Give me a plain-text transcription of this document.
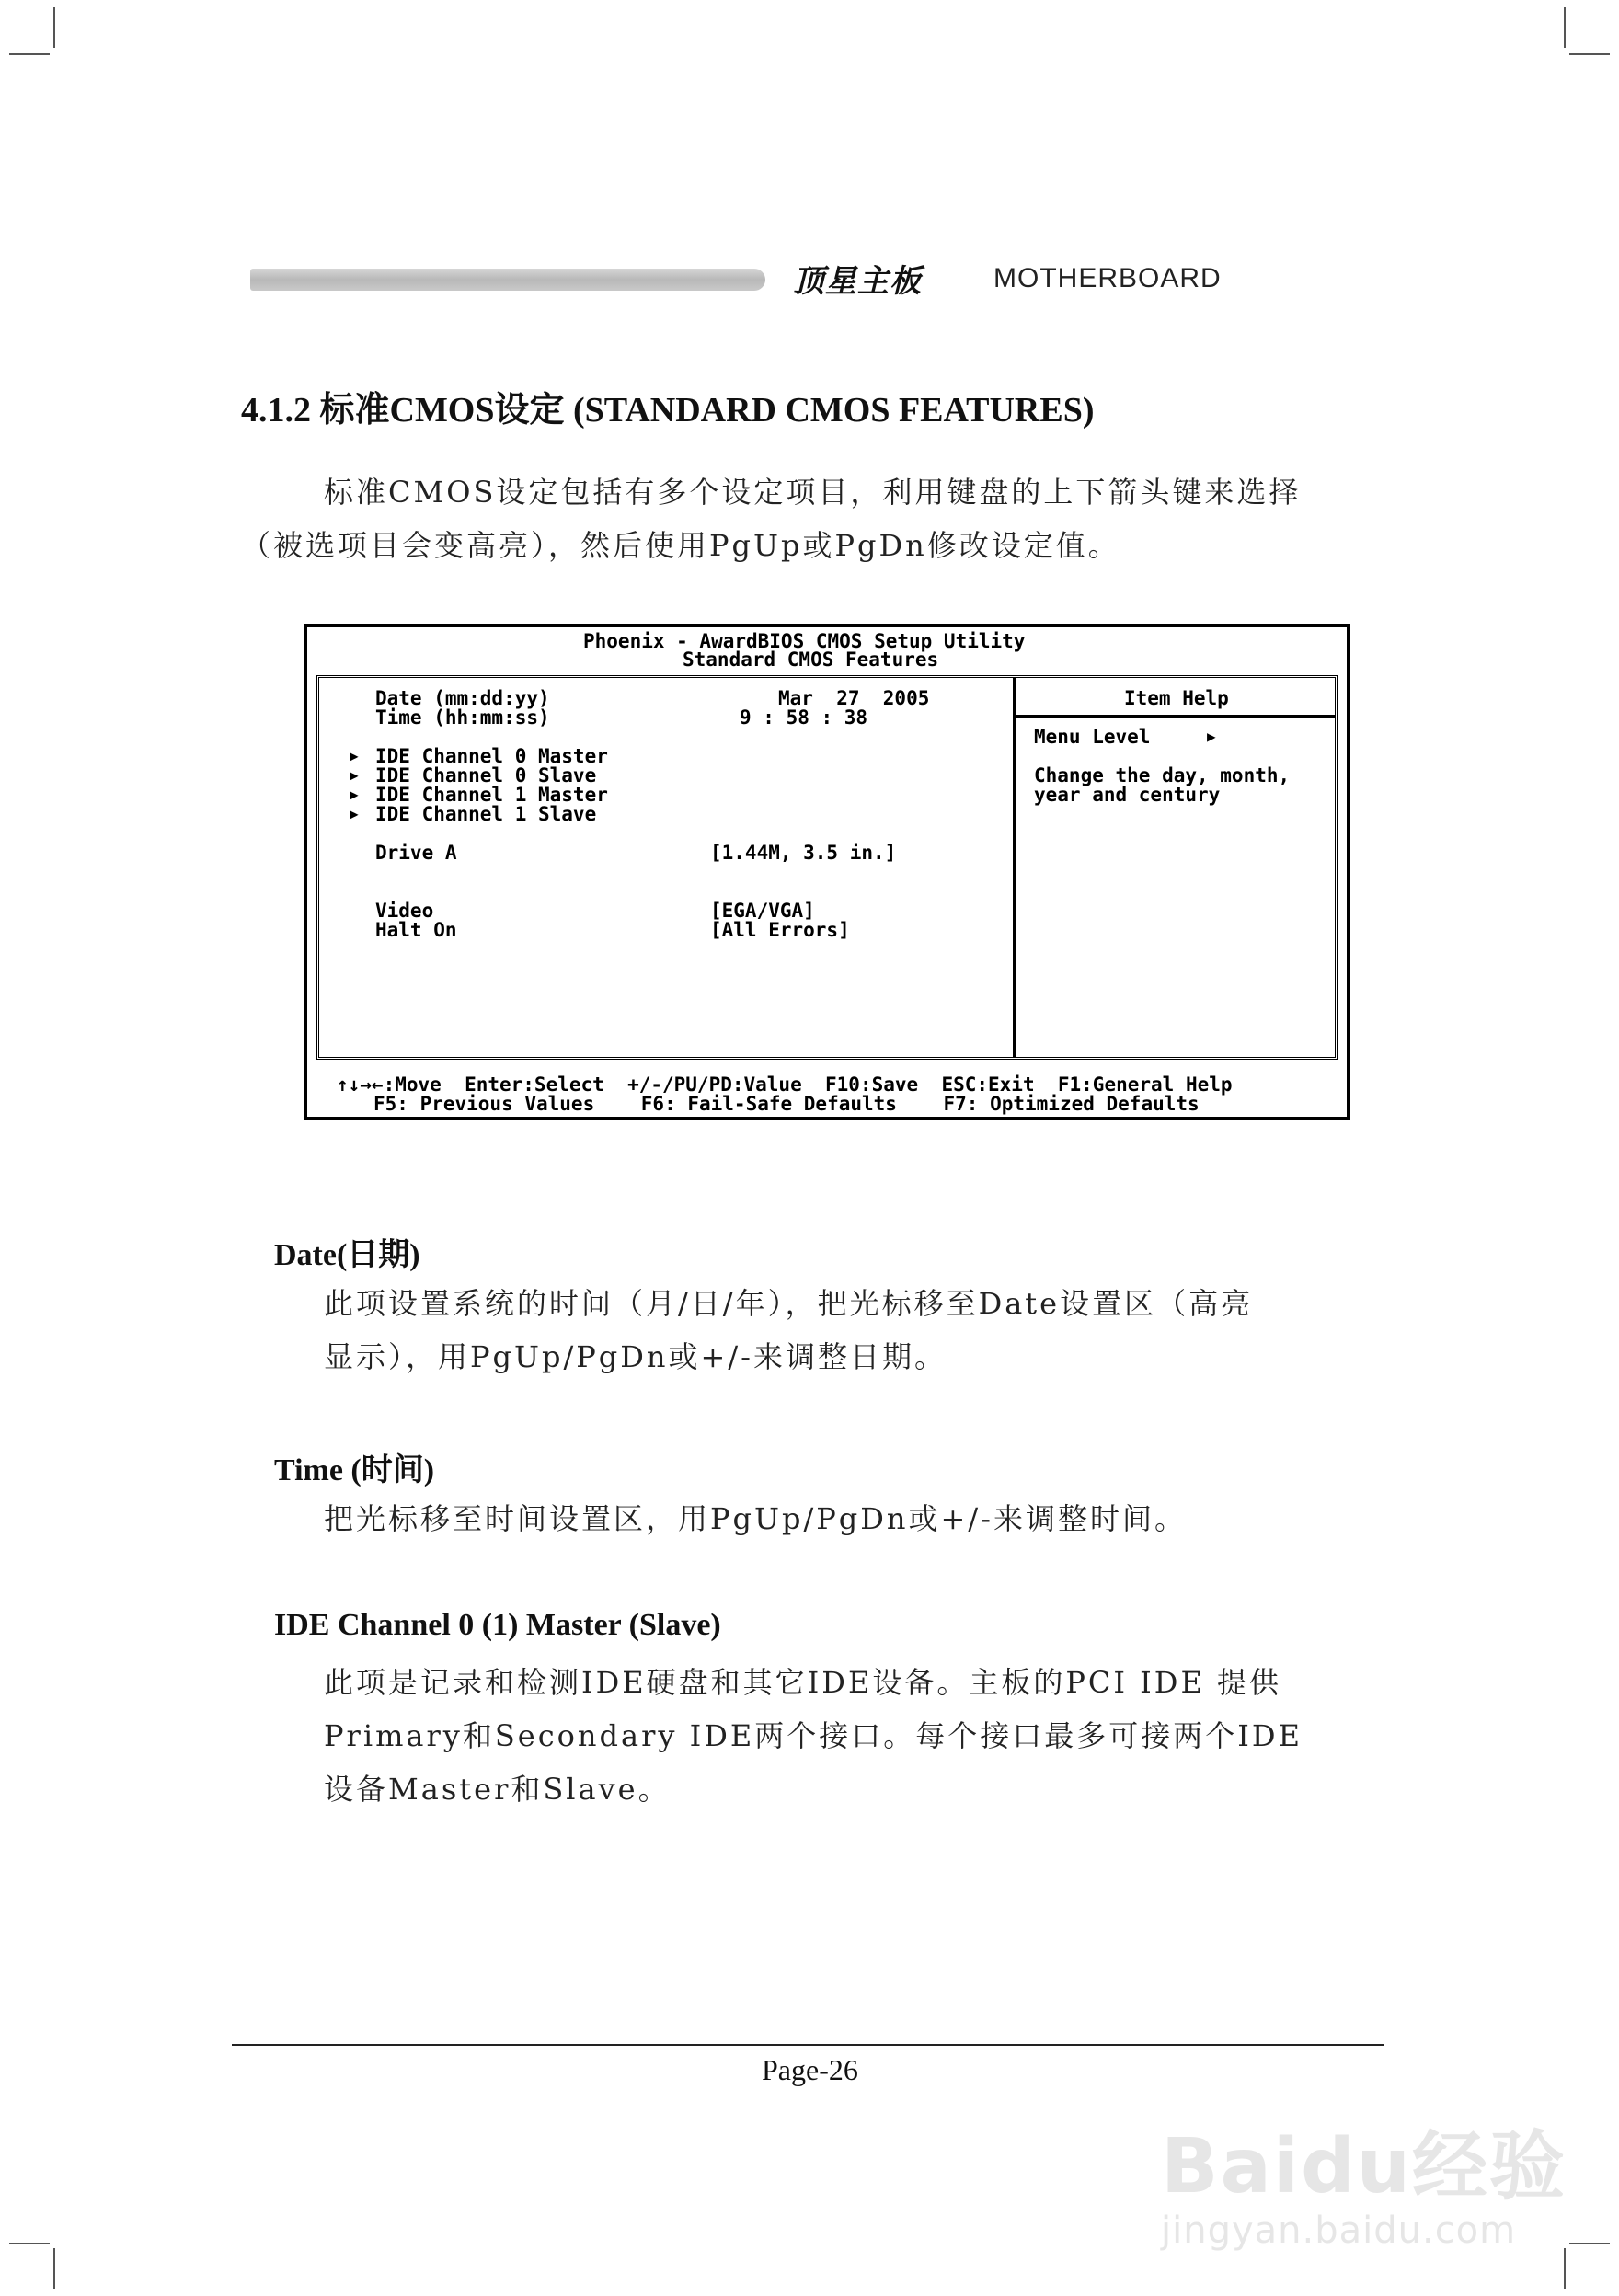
顶星主板	MOTHERBOARD
4.1.2 标准CMOS设定 (STANDARD CMOS FEATURES)

标准CMOS设定包括有多个设定项目，利用键盘的上下箭头键来选择

（被选项目会变高亮），然后使用PgUp或PgDn修改设定值。

Phoenix - AwardBIOS CMOS Setup Utility
Standard CMOS Features
Date (mm:dd:yy)	Mar  27  2005
Time (hh:mm:ss)	9 : 58 : 38
▶ IDE Channel 0 Master
▶ IDE Channel 0 Slave
▶ IDE Channel 1 Master
▶ IDE Channel 1 Slave
Drive A	[1.44M, 3.5 in.]
Video	[EGA/VGA]
Halt On	[All Errors]
Item Help
Menu Level	▶
Change the day, month,
year and century
↑↓→←:Move  Enter:Select  +/-/PU/PD:Value  F10:Save  ESC:Exit  F1:General Help
F5: Previous Values    F6: Fail-Safe Defaults    F7: Optimized Defaults
Date(日期)

此项设置系统的时间（月/日/年），把光标移至Date设置区（高亮

显示），用PgUp/PgDn或+/-来调整日期。

Time (时间)

把光标移至时间设置区，用PgUp/PgDn或+/-来调整时间。

IDE Channel 0 (1) Master (Slave)

此项是记录和检测IDE硬盘和其它IDE设备。主板的PCI IDE 提供

Primary和Secondary IDE两个接口。每个接口最多可接两个IDE

设备Master和Slave。

Page-26
Baidu经验
jingyan.baidu.com
